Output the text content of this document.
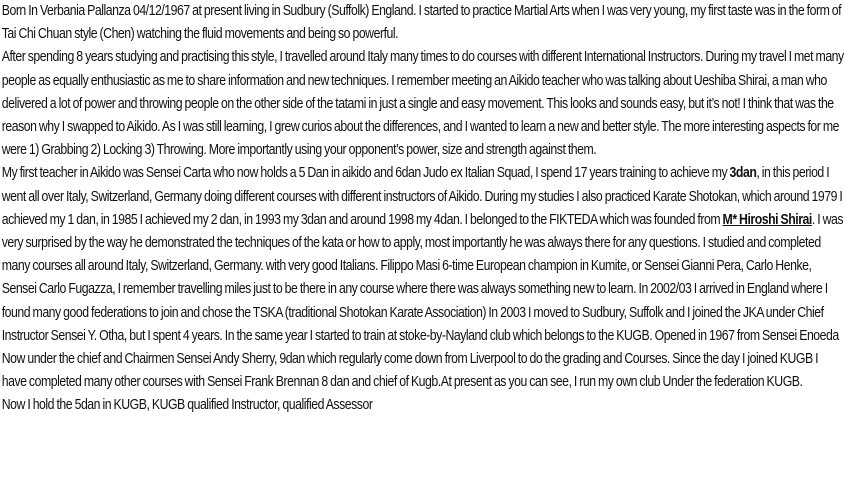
Born In Verbania Pallanza 04/12/1967 at present living in Sudbury (Suffolk) England. I started to practice Martial Arts when I was very young, my first taste was in the form of Tai Chi Chuan style (Chen) watching the fluid movements and being so powerful.

After spending 8 years studying and practising this style, I travelled around Italy many times to do courses with different International Instructors. During my travel I met many people as equally enthusiastic as me to share information and new techniques. I remember meeting an Aikido teacher who was talking about Ueshiba Shirai, a man who delivered a lot of power and throwing people on the other side of the tatami in just a single and easy movement. This looks and sounds easy, but it’s not! I think that was the reason why I swapped to Aikido. As I was still learning, I grew curios about the differences, and I wanted to learn a new and better style. The more interesting aspects for me were 1) Grabbing 2) Locking 3) Throwing. More importantly using your opponent’s power, size and strength against them.

My first teacher in Aikido was Sensei Carta who now holds a 5 Dan in aikido and 6dan Judo ex Italian Squad, I spend 17 years training to achieve my 3dan, in this period I went all over Italy, Switzerland, Germany doing different courses with different instructors of Aikido. During my studies I also practiced Karate Shotokan, which around 1979 I achieved my 1 dan, in 1985 I achieved my 2 dan, in 1993 my 3dan and around 1998 my 4dan. I belonged to the FIKTEDA which was founded from M* Hiroshi Shirai. I was very surprised by the way he demonstrated the techniques of the kata or how to apply, most importantly he was always there for any questions. I studied and completed many courses all around Italy, Switzerland, Germany. with very good Italians. Filippo Masi 6-time European champion in Kumite, or Sensei Gianni Pera, Carlo Henke, Sensei Carlo Fugazza, I remember travelling miles just to be there in any course where there was always something new to learn. In 2002/03 I arrived in England where I found many good federations to join and chose the TSKA (traditional Shotokan Karate Association) In 2003 I moved to Sudbury, Suffolk and I joined the JKA under Chief Instructor Sensei Y. Otha, but I spent 4 years. In the same year I started to train at stoke-by-Nayland club which belongs to the KUGB. Opened in 1967 from Sensei Enoeda Now under the chief and Chairmen Sensei Andy Sherry, 9dan which regularly come down from Liverpool to do the grading and Courses. Since the day I joined KUGB I have completed many other courses with Sensei Frank Brennan 8 dan and chief of Kugb.At present as you can see, I run my own club Under the federation KUGB.

Now I hold the 5dan in KUGB, KUGB qualified Instructor, qualified Assessor
